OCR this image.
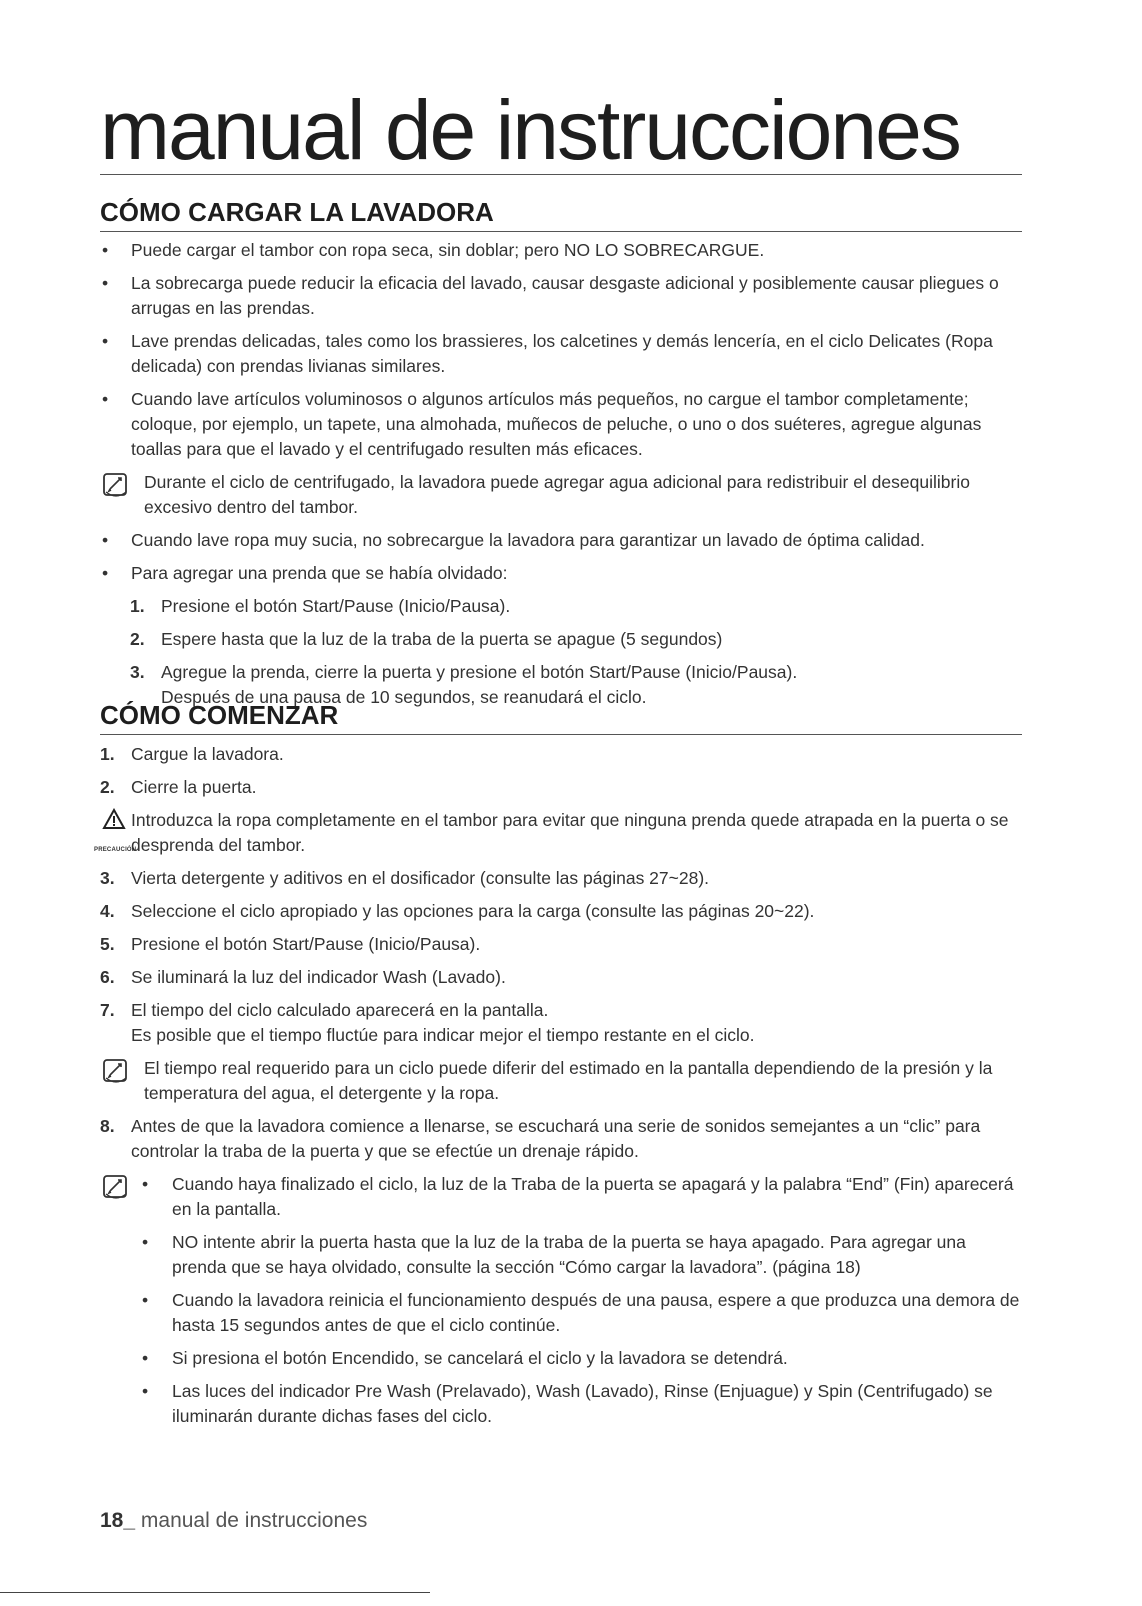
manual de instrucciones
CÓMO CARGAR LA LAVADORA
• Puede cargar el tambor con ropa seca, sin doblar; pero NO LO SOBRECARGUE.
• La sobrecarga puede reducir la eficacia del lavado, causar desgaste adicional y posiblemente causar pliegues o arrugas en las prendas.
• Lave prendas delicadas, tales como los brassieres, los calcetines y demás lencería, en el ciclo Delicates (Ropa delicada) con prendas livianas similares.
• Cuando lave artículos voluminosos o algunos artículos más pequeños, no cargue el tambor completamente; coloque, por ejemplo, un tapete, una almohada, muñecos de peluche, o uno o dos suéteres, agregue algunas toallas para que el lavado y el centrifugado resulten más eficaces.
Durante el ciclo de centrifugado, la lavadora puede agregar agua adicional para redistribuir el desequilibrio excesivo dentro del tambor.
• Cuando lave ropa muy sucia, no sobrecargue la lavadora para garantizar un lavado de óptima calidad.
• Para agregar una prenda que se había olvidado:
1. Presione el botón Start/Pause (Inicio/Pausa).
2. Espere hasta que la luz de la traba de la puerta se apague (5 segundos)
3. Agregue la prenda, cierre la puerta y presione el botón Start/Pause (Inicio/Pausa).
Después de una pausa de 10 segundos, se reanudará el ciclo.
CÓMO COMENZAR
1. Cargue la lavadora.
2. Cierre la puerta.
PRECAUCIÓN
Introduzca la ropa completamente en el tambor para evitar que ninguna prenda quede atrapada en la puerta o se desprenda del tambor.
3. Vierta detergente y aditivos en el dosificador (consulte las páginas 27~28).
4. Seleccione el ciclo apropiado y las opciones para la carga (consulte las páginas 20~22).
5. Presione el botón Start/Pause (Inicio/Pausa).
6. Se iluminará la luz del indicador Wash (Lavado).
7. El tiempo del ciclo calculado aparecerá en la pantalla.
Es posible que el tiempo fluctúe para indicar mejor el tiempo restante en el ciclo.
El tiempo real requerido para un ciclo puede diferir del estimado en la pantalla dependiendo de la presión y la temperatura del agua, el detergente y la ropa.
8. Antes de que la lavadora comience a llenarse, se escuchará una serie de sonidos semejantes a un “clic” para controlar la traba de la puerta y que se efectúe un drenaje rápido.
• Cuando haya finalizado el ciclo, la luz de la Traba de la puerta se apagará y la palabra “End” (Fin) aparecerá en la pantalla.
• NO intente abrir la puerta hasta que la luz de la traba de la puerta se haya apagado. Para agregar una prenda que se haya olvidado, consulte la sección “Cómo cargar la lavadora”. (página 18)
• Cuando la lavadora reinicia el funcionamiento después de una pausa, espere a que produzca una demora de hasta 15 segundos antes de que el ciclo continúe.
• Si presiona el botón Encendido, se cancelará el ciclo y la lavadora se detendrá.
• Las luces del indicador Pre Wash (Prelavado), Wash (Lavado), Rinse (Enjuague) y Spin (Centrifugado) se iluminarán durante dichas fases del ciclo.
18_ manual de instrucciones
